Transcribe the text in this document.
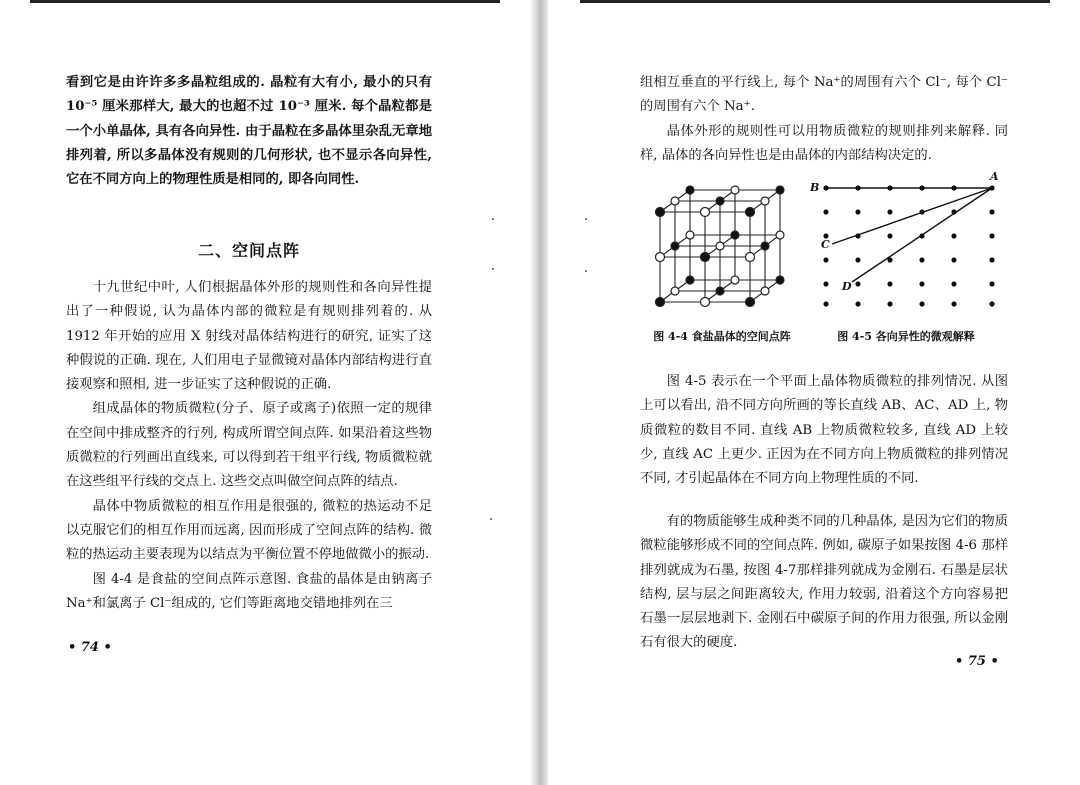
看到它是由许许多多晶粒组成的. 晶粒有大有小, 最小的只有 10⁻⁵ 厘米那样大, 最大的也超不过 10⁻³ 厘米. 每个晶粒都是一个小单晶体, 具有各向异性. 由于晶粒在多晶体里杂乱无章地排列着, 所以多晶体没有规则的几何形状, 也不显示各向异性, 它在不同方向上的物理性质是相同的, 即各向同性.

二、空间点阵

十九世纪中叶, 人们根据晶体外形的规则性和各向异性提出了一种假说, 认为晶体内部的微粒是有规则排列着的. 从 1912 年开始的应用 X 射线对晶体结构进行的研究, 证实了这种假说的正确. 现在, 人们用电子显微镜对晶体内部结构进行直接观察和照相, 进一步证实了这种假说的正确.

组成晶体的物质微粒(分子、原子或离子)依照一定的规律在空间中排成整齐的行列, 构成所谓空间点阵. 如果沿着这些物质微粒的行列画出直线来, 可以得到若干组平行线, 物质微粒就在这些组平行线的交点上. 这些交点叫做空间点阵的结点.

晶体中物质微粒的相互作用是很强的, 微粒的热运动不足以克服它们的相互作用而远离, 因而形成了空间点阵的结构. 微粒的热运动主要表现为以结点为平衡位置不停地做微小的振动.

图 4-4 是食盐的空间点阵示意图. 食盐的晶体是由钠离子 Na⁺和氯离子 Cl⁻组成的, 它们等距离地交错地排列在三

• 74 •

组相互垂直的平行线上, 每个 Na⁺的周围有六个 Cl⁻, 每个 Cl⁻的周围有六个 Na⁺.

晶体外形的规则性可以用物质微粒的规则排列来解释. 同样, 晶体的各向异性也是由晶体的内部结构决定的.

A
B
C
D
图 4-4 食盐晶体的空间点阵	图 4-5 各向异性的微观解释

图 4-5 表示在一个平面上晶体物质微粒的排列情况. 从图上可以看出, 沿不同方向所画的等长直线 AB、AC、AD 上, 物质微粒的数目不同. 直线 AB 上物质微粒较多, 直线 AD 上较少, 直线 AC 上更少. 正因为在不同方向上物质微粒的排列情况不同, 才引起晶体在不同方向上物理性质的不同.

有的物质能够生成种类不同的几种晶体, 是因为它们的物质微粒能够形成不同的空间点阵. 例如, 碳原子如果按图 4-6 那样排列就成为石墨, 按图 4-7那样排列就成为金刚石. 石墨是层状结构, 层与层之间距离较大, 作用力较弱, 沿着这个方向容易把石墨一层层地剥下. 金刚石中碳原子间的作用力很强, 所以金刚石有很大的硬度.

• 75 •
